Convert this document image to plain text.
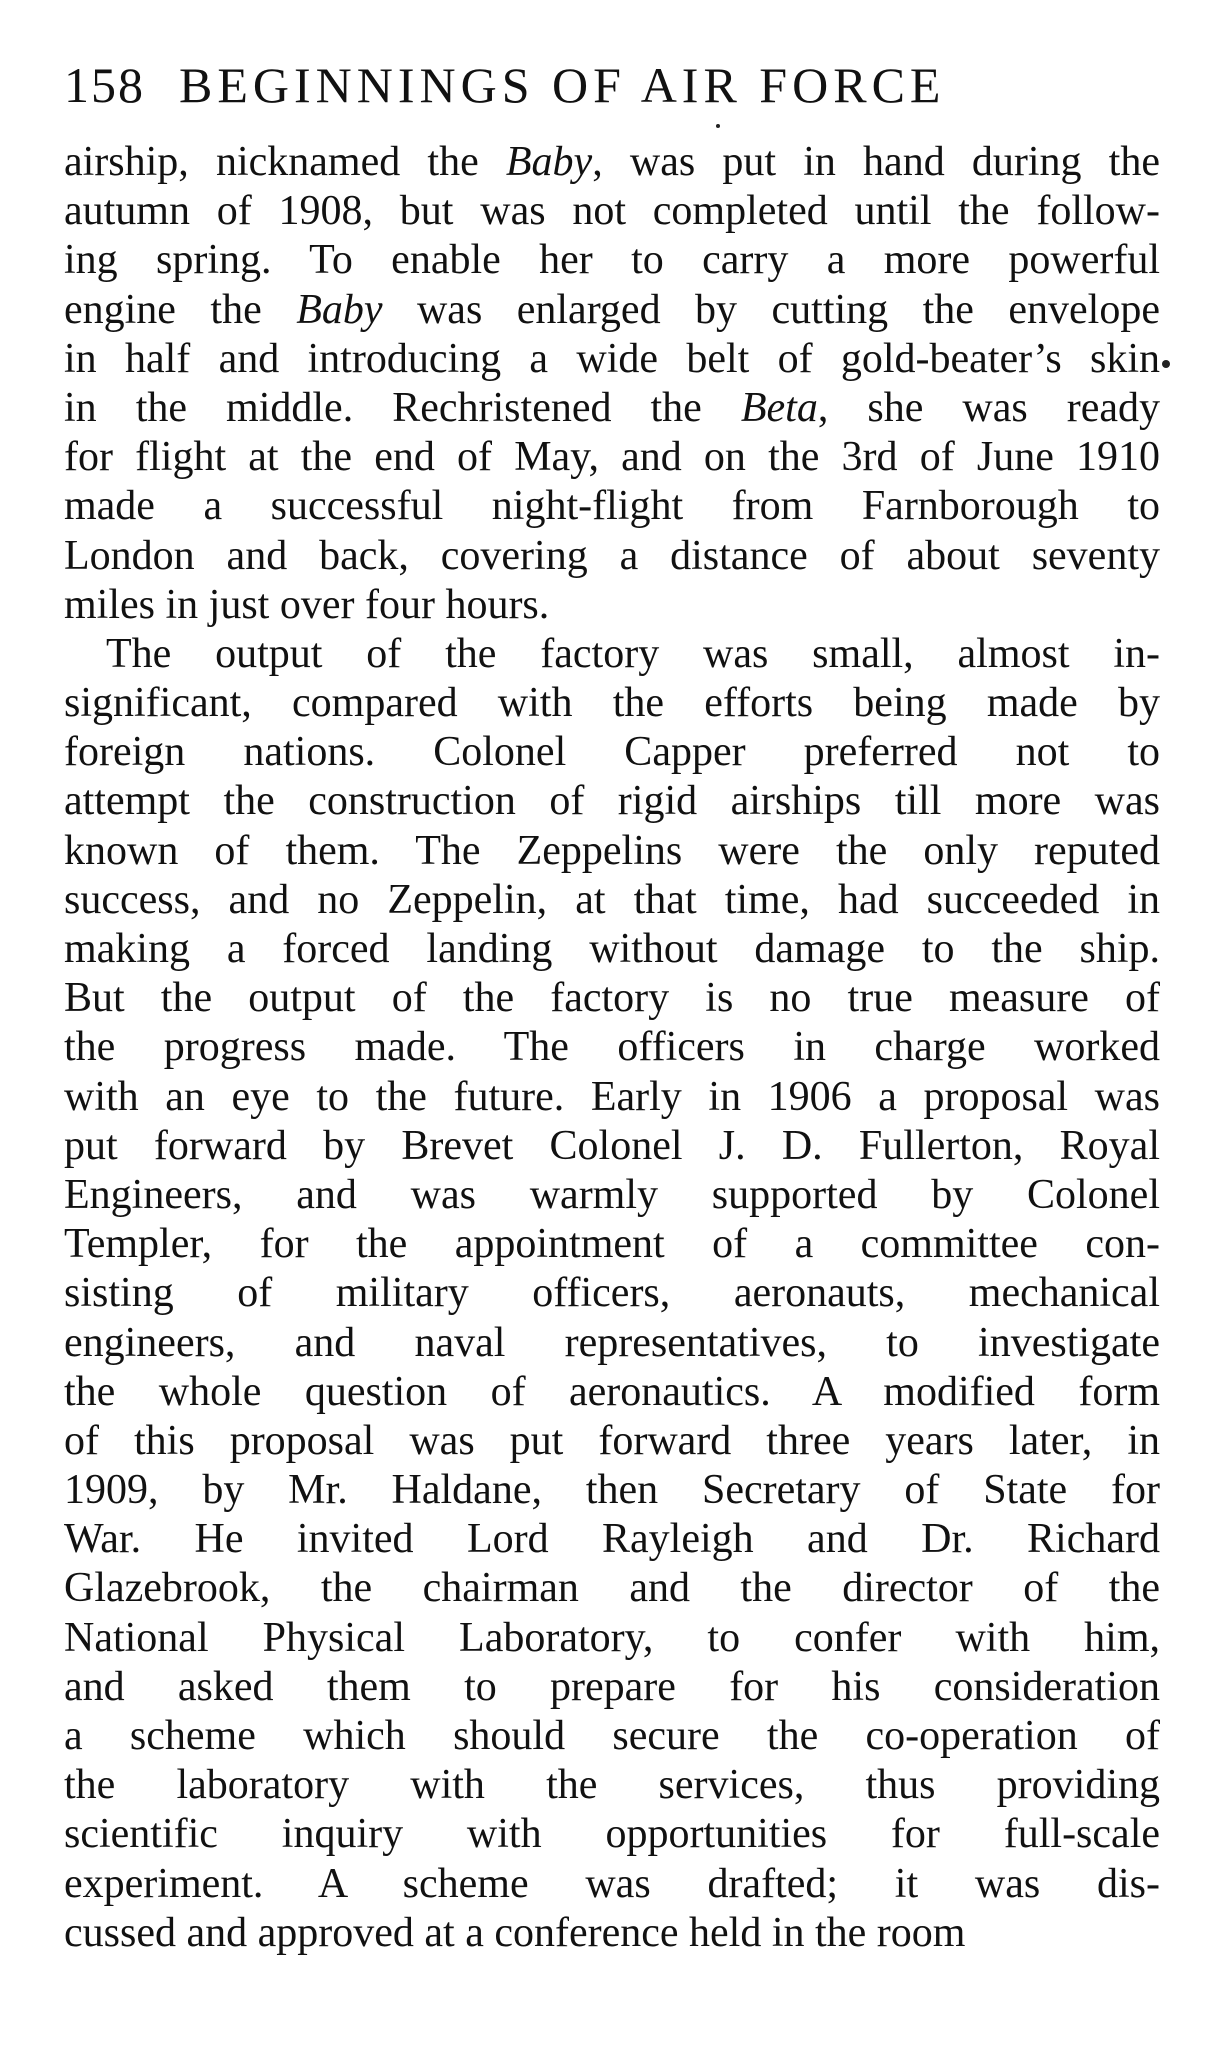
158 BEGINNINGS OF AIR FORCE
airship, nicknamed the Baby, was put in hand during the
autumn of 1908, but was not completed until the follow-
ing spring. To enable her to carry a more powerful
engine the Baby was enlarged by cutting the envelope
in half and introducing a wide belt of gold-beater’s skin
in the middle. Rechristened the Beta, she was ready
for flight at the end of May, and on the 3rd of June 1910
made a successful night-flight from Farnborough to
London and back, covering a distance of about seventy
miles in just over four hours.
The output of the factory was small, almost in-
significant, compared with the efforts being made by
foreign nations. Colonel Capper preferred not to
attempt the construction of rigid airships till more was
known of them. The Zeppelins were the only reputed
success, and no Zeppelin, at that time, had succeeded in
making a forced landing without damage to the ship.
But the output of the factory is no true measure of
the progress made. The officers in charge worked
with an eye to the future. Early in 1906 a proposal was
put forward by Brevet Colonel J. D. Fullerton, Royal
Engineers, and was warmly supported by Colonel
Templer, for the appointment of a committee con-
sisting of military officers, aeronauts, mechanical
engineers, and naval representatives, to investigate
the whole question of aeronautics. A modified form
of this proposal was put forward three years later, in
1909, by Mr. Haldane, then Secretary of State for
War. He invited Lord Rayleigh and Dr. Richard
Glazebrook, the chairman and the director of the
National Physical Laboratory, to confer with him,
and asked them to prepare for his consideration
a scheme which should secure the co-operation of
the laboratory with the services, thus providing
scientific inquiry with opportunities for full-scale
experiment. A scheme was drafted; it was dis-
cussed and approved at a conference held in the room
